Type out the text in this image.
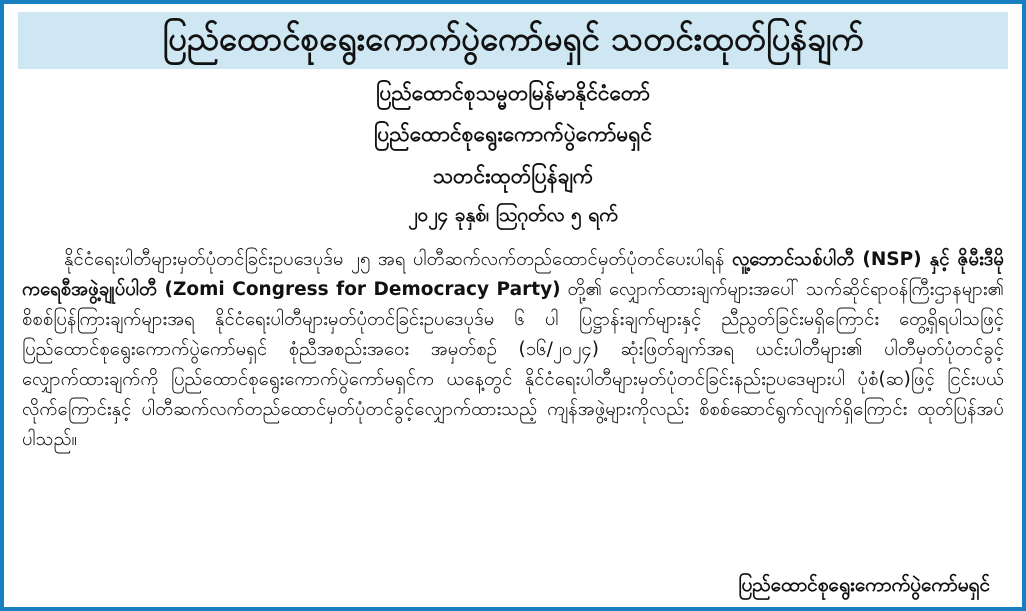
ပြည်ထောင်စုရွေးကောက်ပွဲကော်မရှင် သတင်းထုတ်ပြန်ချက်
ပြည်ထောင်စုသမ္မတမြန်မာနိုင်ငံတော်
ပြည်ထောင်စုရွေးကောက်ပွဲကော်မရှင်
သတင်းထုတ်ပြန်ချက်
၂၀၂၄ ခုနှစ်၊ သြဂုတ်လ ၅ ရက်

နိုင်ငံရေးပါတီများမှတ်ပုံတင်ခြင်းဥပဒေပုဒ်မ ၂၅ အရ ပါတီဆက်လက်တည်ထောင်မှတ်ပုံတင်ပေးပါရန် လူ့ဘောင်သစ်ပါတီ (NSP) နှင့် ဇိုမီးဒီမိုကရေစီအဖွဲ့ချုပ်ပါတီ (Zomi Congress for Democracy Party) တို့၏ လျှောက်ထားချက်များအပေါ် သက်ဆိုင်ရာဝန်ကြီးဌာနများ၏ စိစစ်ပြန်ကြားချက်များအရ နိုင်ငံရေးပါတီများမှတ်ပုံတင်ခြင်းဥပဒေပုဒ်မ ၆ ပါ ပြဋ္ဌာန်းချက်များနှင့် ညီညွတ်ခြင်းမရှိကြောင်း တွေ့ရှိရပါသဖြင့် ပြည်ထောင်စုရွေးကောက်ပွဲကော်မရှင် စုံညီအစည်းအဝေး အမှတ်စဉ် (၁၆/၂၀၂၄) ဆုံးဖြတ်ချက်အရ ယင်းပါတီများ၏ ပါတီမှတ်ပုံတင်ခွင့်လျှောက်ထားချက်ကို ပြည်ထောင်စုရွေးကောက်ပွဲကော်မရှင်က ယနေ့တွင် နိုင်ငံရေးပါတီများမှတ်ပုံတင်ခြင်းနည်းဥပဒေများပါ ပုံစံ(ဆ)ဖြင့် ငြင်းပယ်လိုက်ကြောင်းနှင့် ပါတီဆက်လက်တည်ထောင်မှတ်ပုံတင်ခွင့်လျှောက်ထားသည့် ကျန်အဖွဲ့များကိုလည်း စိစစ်ဆောင်ရွက်လျက်ရှိကြောင်း ထုတ်ပြန်အပ်ပါသည်။

ပြည်ထောင်စုရွေးကောက်ပွဲကော်မရှင်
